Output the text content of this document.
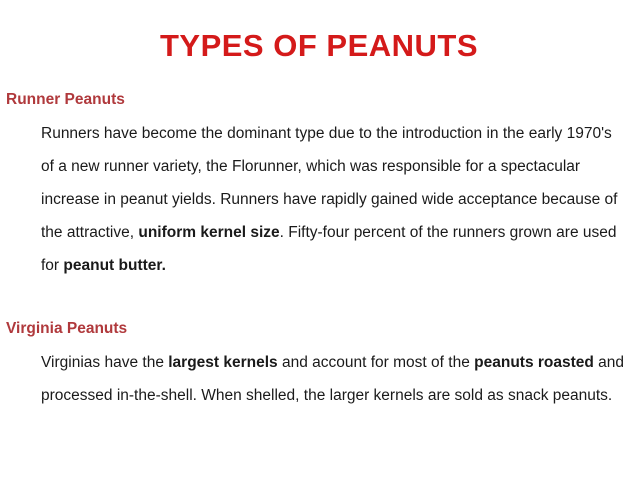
TYPES OF PEANUTS
Runner Peanuts
Runners have become the dominant type due to the introduction in the early 1970's of a new runner variety, the Florunner, which was responsible for a spectacular increase in peanut yields. Runners have rapidly gained wide acceptance because of the attractive, uniform kernel size. Fifty-four percent of the runners grown are used for peanut butter.
Virginia Peanuts
Virginias have the largest kernels and account for most of the peanuts roasted and processed in-the-shell. When shelled, the larger kernels are sold as snack peanuts.
